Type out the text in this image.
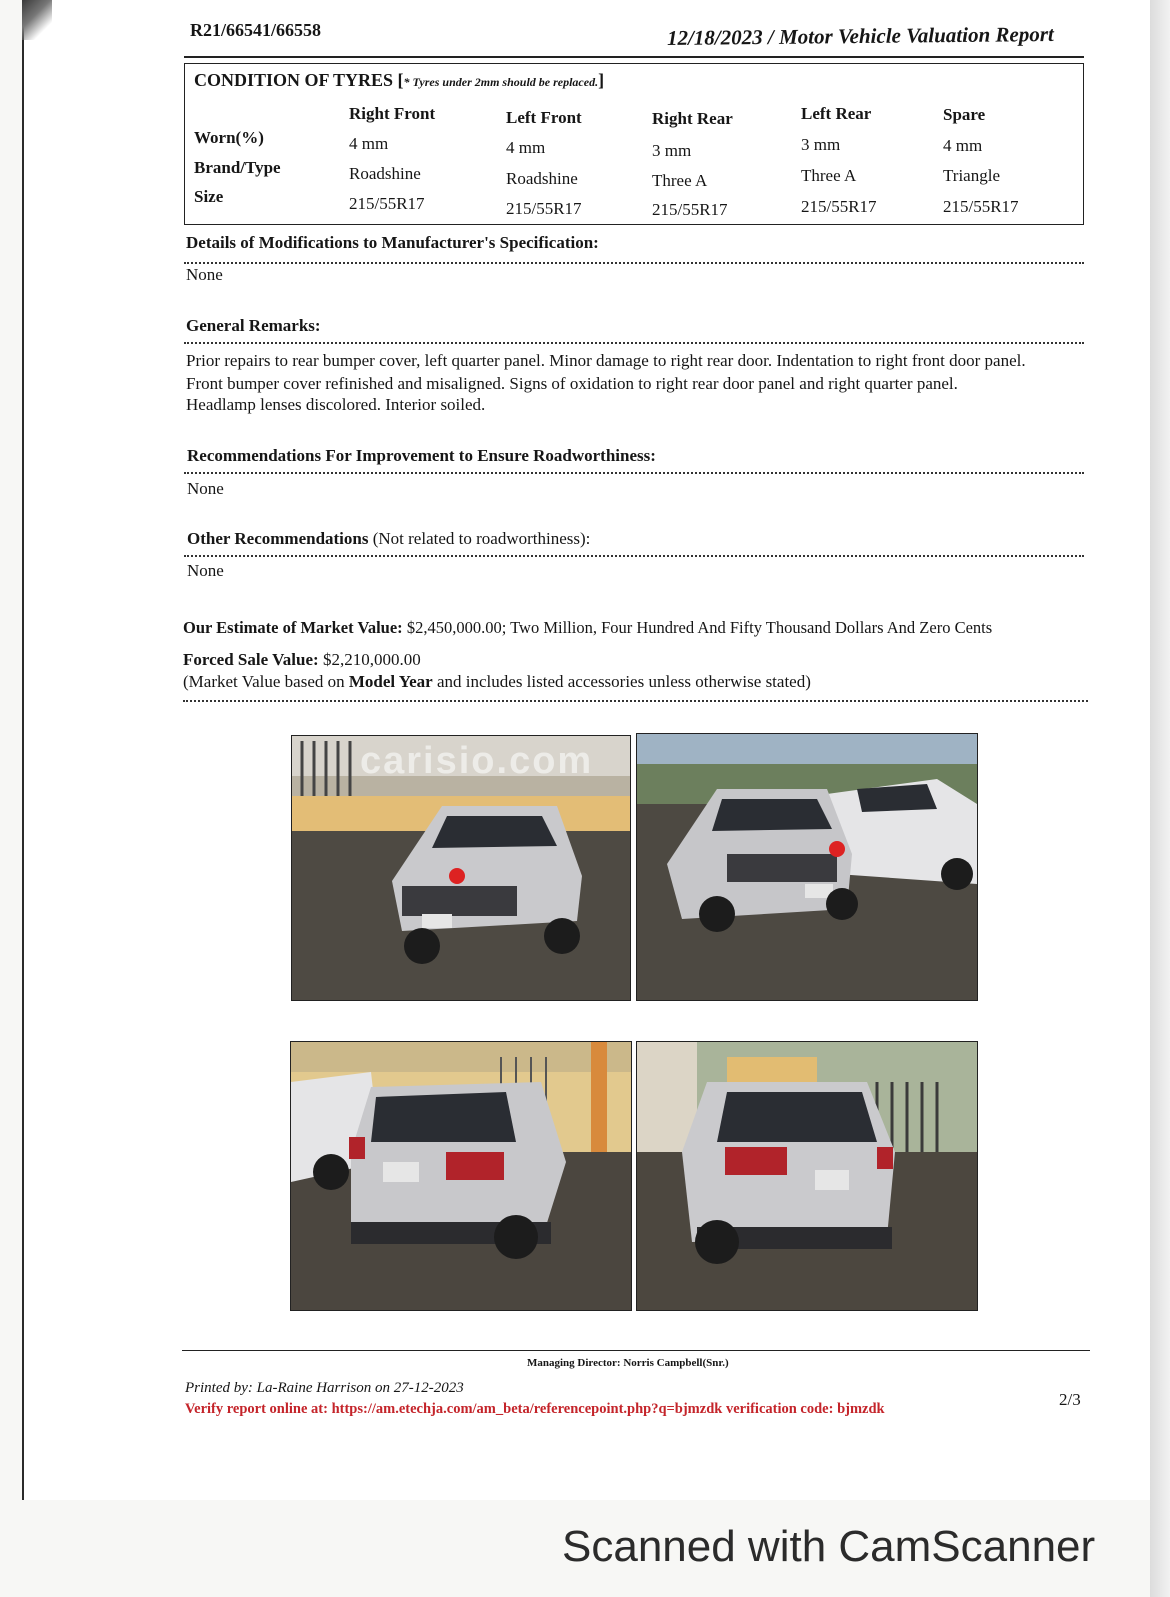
R21/66541/66558	12/18/2023 / Motor Vehicle Valuation Report
CONDITION OF TYRES [* Tyres under 2mm should be replaced.]
Worn(%)
Brand/Type
Size
Right Front
4 mm
Roadshine
215/55R17
Left Front
4 mm
Roadshine
215/55R17
Right Rear
3 mm
Three A
215/55R17
Left Rear
3 mm
Three A
215/55R17
Spare
4 mm
Triangle
215/55R17
Details of Modifications to Manufacturer's Specification:
None
General Remarks:
Prior repairs to rear bumper cover, left quarter panel. Minor damage to right rear door. Indentation to right front door panel.
Front bumper cover refinished and misaligned. Signs of oxidation to right rear door panel and right quarter panel.
Headlamp lenses discolored. Interior soiled.
Recommendations For Improvement to Ensure Roadworthiness:
None
Other Recommendations (Not related to roadworthiness):
None
Our Estimate of Market Value: $2,450,000.00; Two Million, Four Hundred And Fifty Thousand Dollars And Zero Cents
Forced Sale Value: $2,210,000.00
(Market Value based on Model Year and includes listed accessories unless otherwise stated)
carisio.com
Managing Director: Norris Campbell(Snr.)
Printed by: La-Raine Harrison on 27-12-2023
Verify report online at: https://am.etechja.com/am_beta/referencepoint.php?q=bjmzdk verification code: bjmzdk	2/3
Scanned with CamScanner
